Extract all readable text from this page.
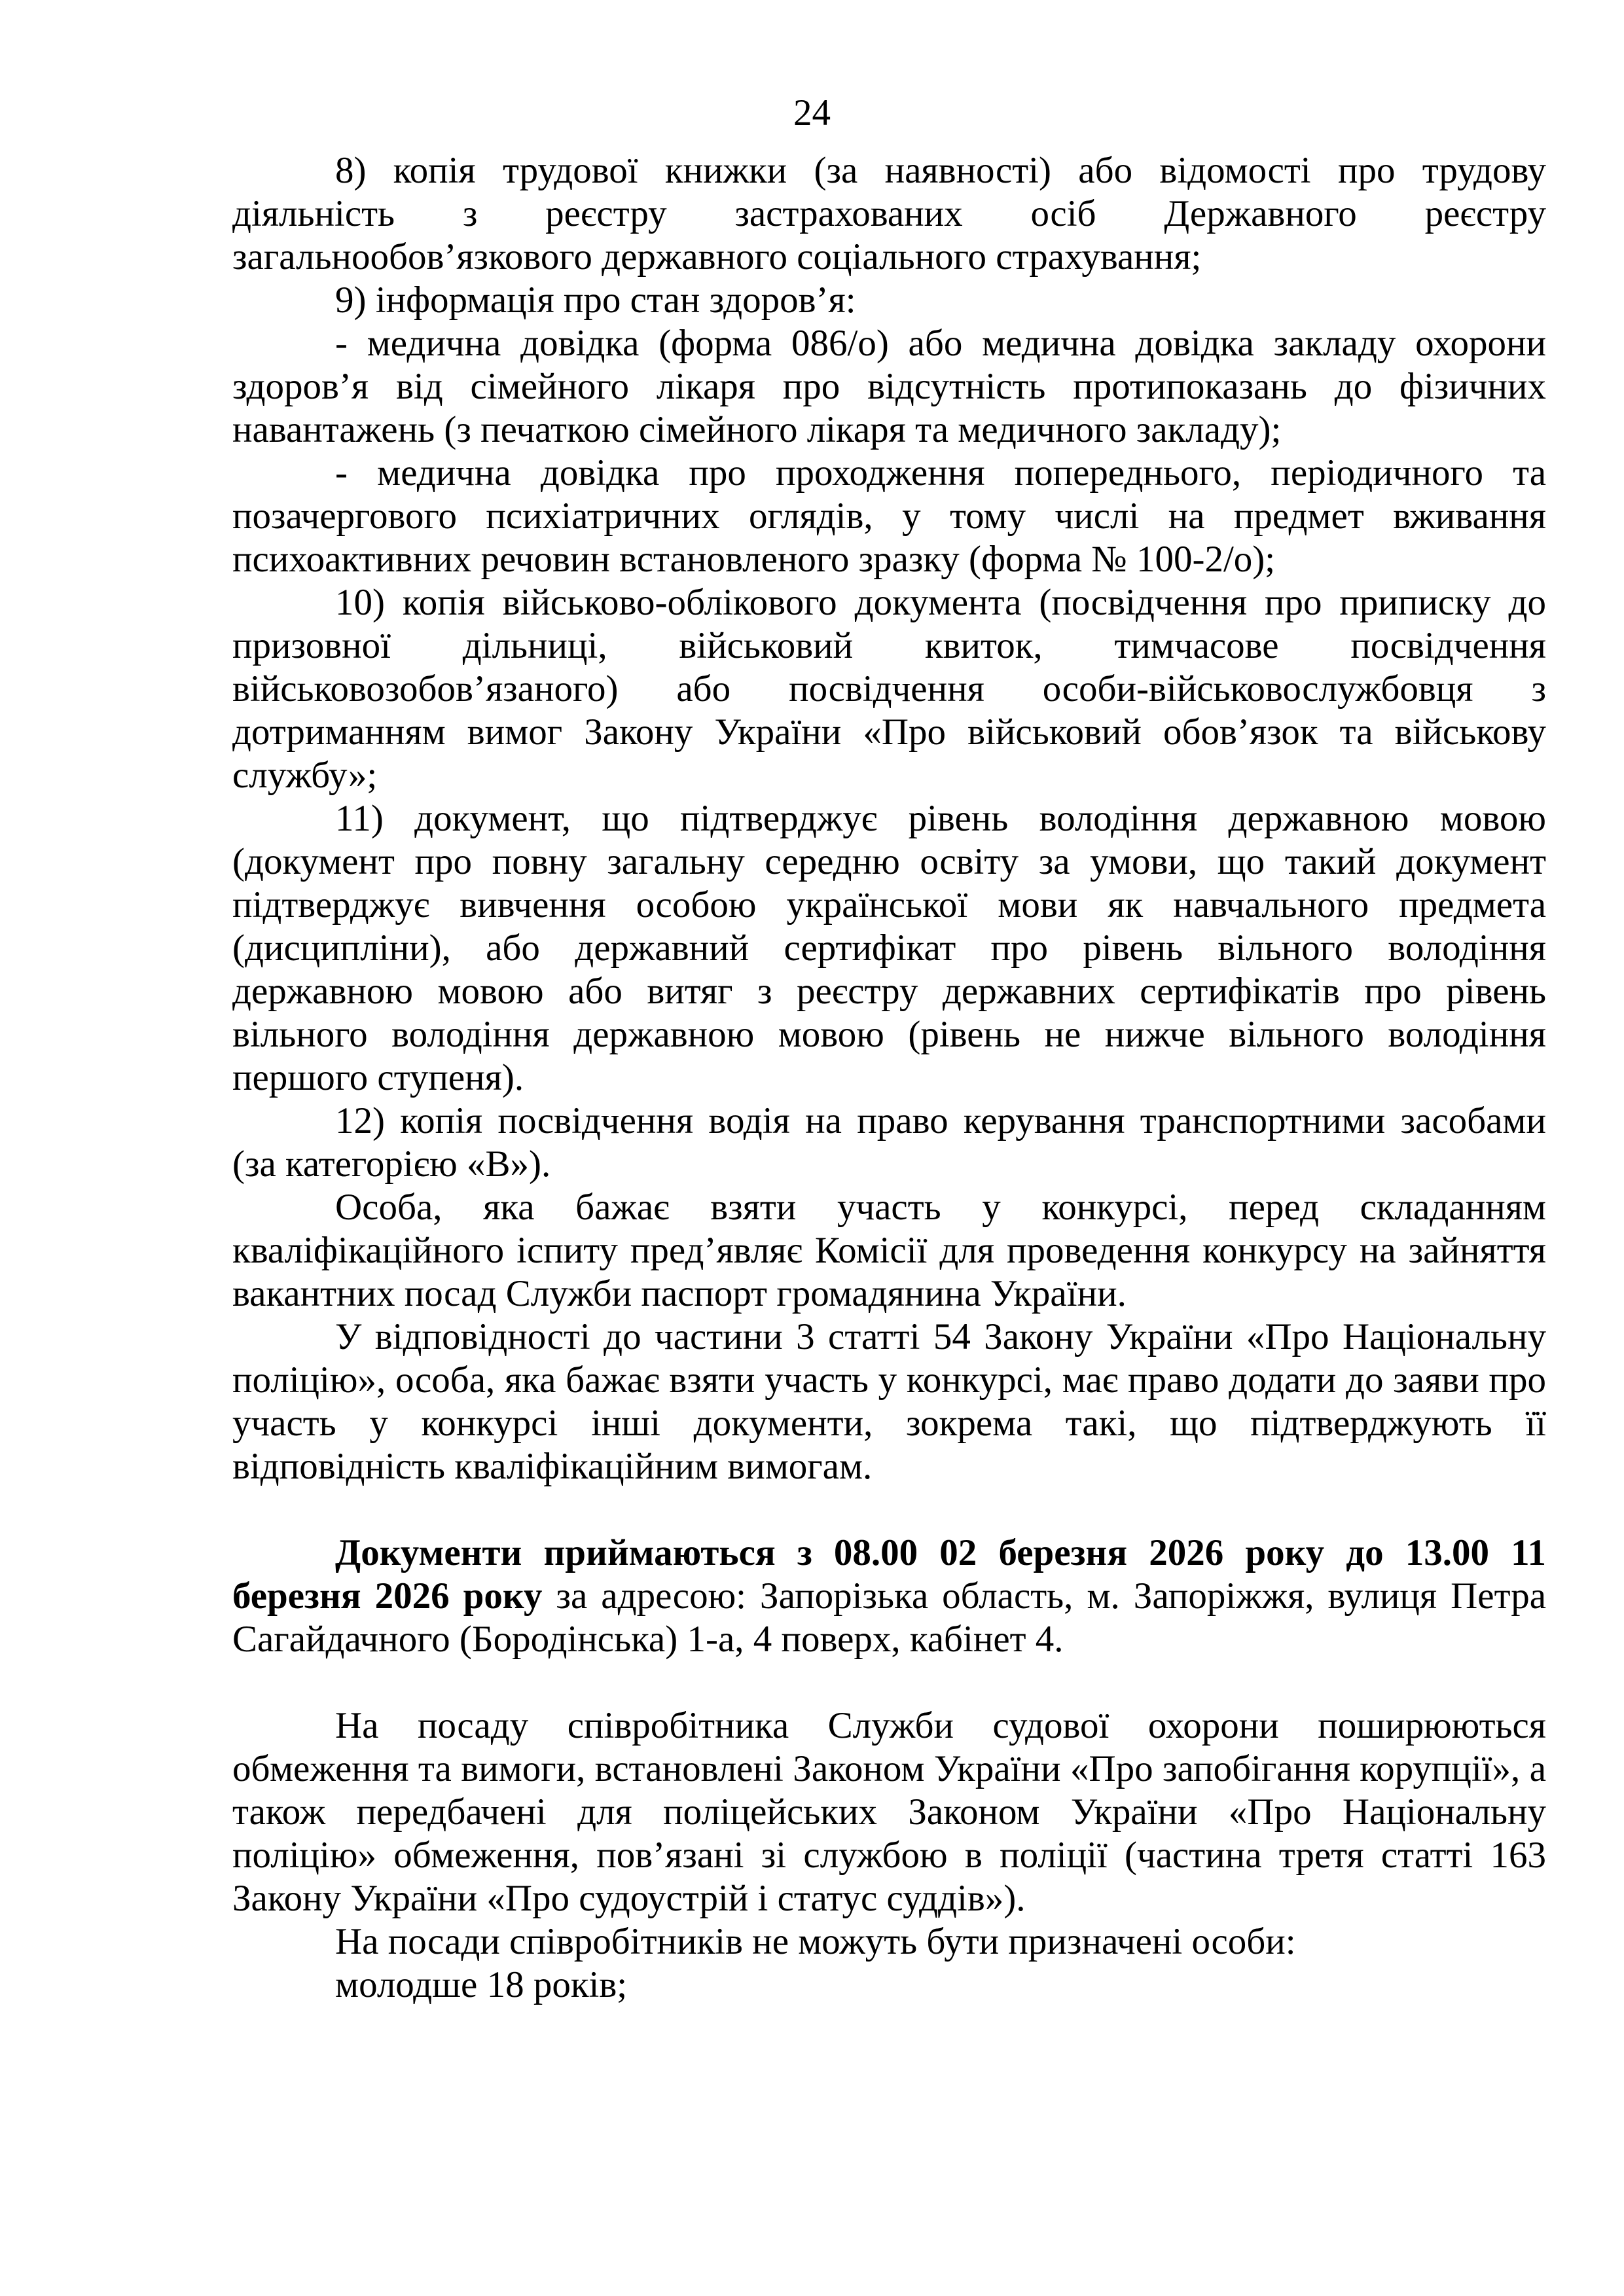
24

8) копія трудової книжки (за наявності) або відомості про трудову діяльність з реєстру застрахованих осіб Державного реєстру загальнообов’язкового державного соціального страхування;

9) інформація про стан здоров’я:

- медична довідка (форма 086/о) або медична довідка закладу охорони здоров’я від сімейного лікаря про відсутність протипоказань до фізичних навантажень (з печаткою сімейного лікаря та медичного закладу);

- медична довідка про проходження попереднього, періодичного та позачергового психіатричних оглядів, у тому числі на предмет вживання психоактивних речовин встановленого зразку (форма № 100-2/о);

10) копія військово-облікового документа (посвідчення про приписку до призовної дільниці, військовий квиток, тимчасове посвідчення військовозобов’язаного) або посвідчення особи-військовослужбовця з дотриманням вимог Закону України «Про військовий обов’язок та військову службу»;

11) документ, що підтверджує рівень володіння державною мовою (документ про повну загальну середню освіту за умови, що такий документ підтверджує вивчення особою української мови як навчального предмета (дисципліни), або державний сертифікат про рівень вільного володіння державною мовою або витяг з реєстру державних сертифікатів про рівень вільного володіння державною мовою (рівень не нижче вільного володіння першого ступеня).

12) копія посвідчення водія на право керування транспортними засобами (за категорією «В»).

Особа, яка бажає взяти участь у конкурсі, перед складанням кваліфікаційного іспиту пред’являє Комісії для проведення конкурсу на зайняття вакантних посад Служби паспорт громадянина України.

У відповідності до частини 3 статті 54 Закону України «Про Національну поліцію», особа, яка бажає взяти участь у конкурсі, має право додати до заяви про участь у конкурсі інші документи, зокрема такі, що підтверджують її відповідність кваліфікаційним вимогам.

Документи приймаються з 08.00 02 березня 2026 року до 13.00 11 березня 2026 року за адресою: Запорізька область, м. Запоріжжя, вулиця Петра Сагайдачного (Бородінська) 1-а, 4 поверх, кабінет 4.

На посаду співробітника Служби судової охорони поширюються обмеження та вимоги, встановлені Законом України «Про запобігання корупції», а також передбачені для поліцейських Законом України «Про Національну поліцію» обмеження, пов’язані зі службою в поліції (частина третя статті 163 Закону України «Про судоустрій і статус суддів»).

На посади співробітників не можуть бути призначені особи:

молодше 18 років;
